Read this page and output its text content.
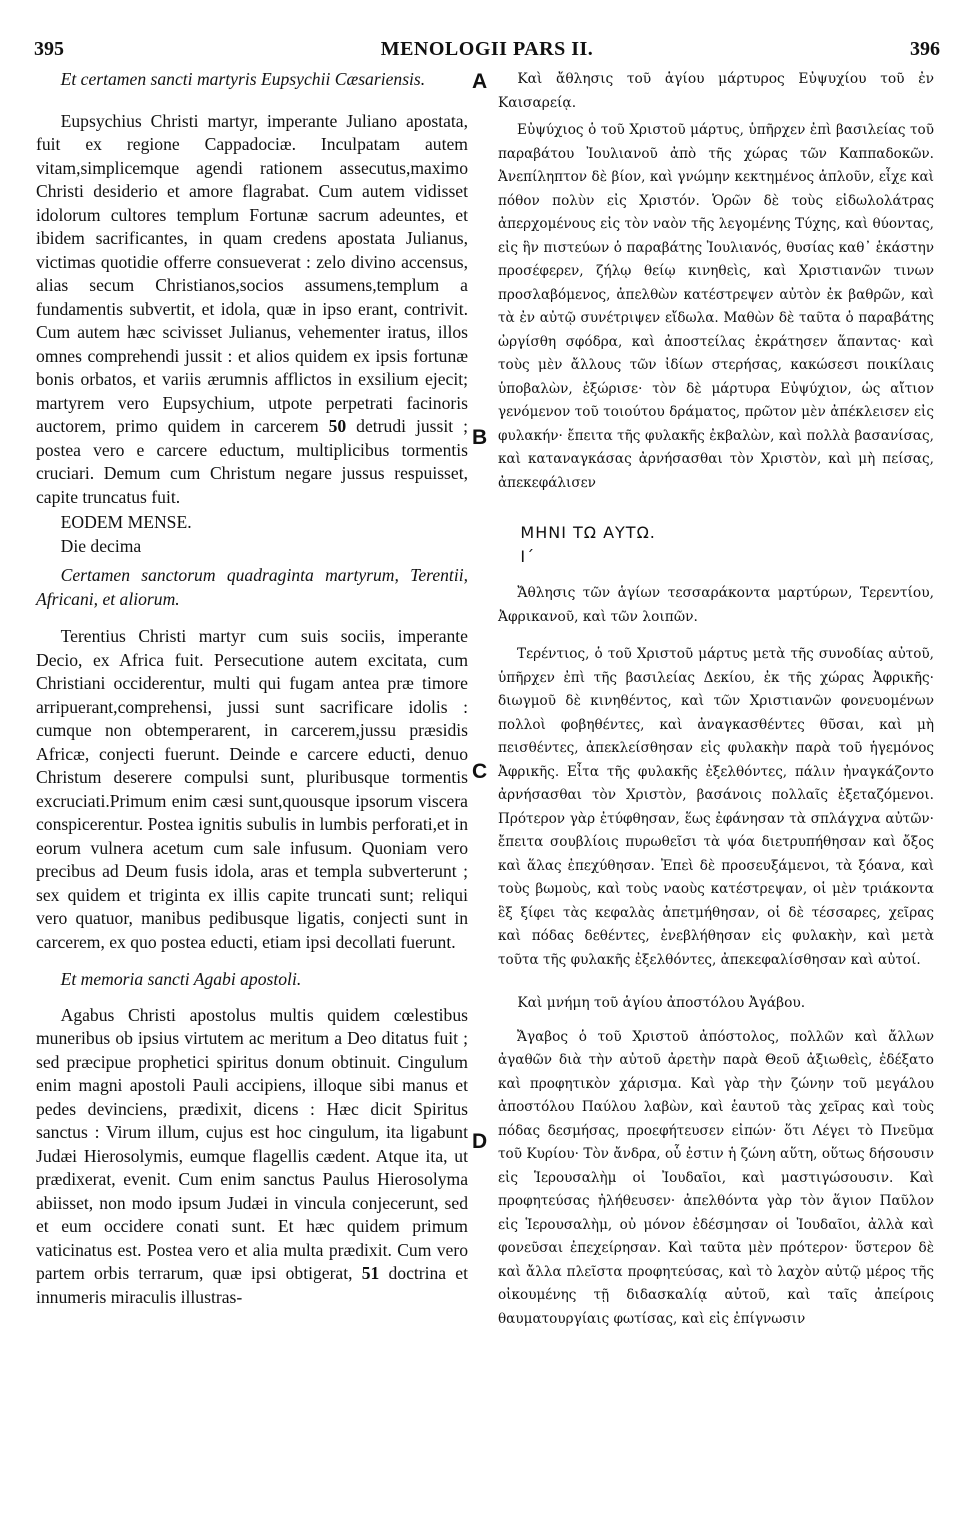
395	MENOLOGII PARS II.	396
A
B
C
D

Et certamen sancti martyris Eupsychii Cæsariensis.

Eupsychius Christi martyr, imperante Juliano apostata, fuit ex regione Cappadociæ. Inculpatam autem vitam,simplicemque agendi rationem assecutus,maximo Christi desiderio et amore flagrabat. Cum autem vidisset idolorum cultores templum Fortunæ sacrum adeuntes, et ibidem sacrificantes, in quam credens apostata Julianus, victimas quotidie offerre consueverat : zelo divino accensus, alias secum Christianos,socios assumens,templum a fundamentis subvertit, et idola, quæ in ipso erant, contrivit. Cum autem hæc scivisset Julianus, vehementer iratus, illos omnes comprehendi jussit : et alios quidem ex ipsis fortunæ bonis orbatos, et variis ærumnis afflictos in exsilium ejecit; martyrem vero Eupsychium, utpote perpetrati facinoris auctorem, primo quidem in carcerem 50 detrudi jussit ; postea vero e carcere eductum, multiplicibus tormentis cruciari. Demum cum Christum negare jussus respuisset, capite truncatus fuit.

EODEM MENSE.

Die decima

Certamen sanctorum quadraginta martyrum, Terentii, Africani, et aliorum.

Terentius Christi martyr cum suis sociis, imperante Decio, ex Africa fuit. Persecutione autem excitata, cum Christiani occiderentur, multi qui fugam antea præ timore arripuerant,comprehensi, jussi sunt sacrificare idolis : cumque non obtemperarent, in carcerem,jussu præsidis Africæ, conjecti fuerunt. Deinde e carcere educti, denuo Christum deserere compulsi sunt, pluribusque tormentis excruciati.Primum enim cæsi sunt,quousque ipsorum viscera conspicerentur. Postea ignitis subulis in lumbis perforati,et in eorum vulnera acetum cum sale infusum. Quoniam vero precibus ad Deum fusis idola, aras et templa subverterunt ; sex quidem et triginta ex illis capite truncati sunt; reliqui vero quatuor, manibus pedibusque ligatis, conjecti sunt in carcerem, ex quo postea educti, etiam ipsi decollati fuerunt.

Et memoria sancti Agabi apostoli.

Agabus Christi apostolus multis quidem cœlestibus muneribus ob ipsius virtutem ac meritum a Deo ditatus fuit ; sed præcipue prophetici spiritus donum obtinuit. Cingulum enim magni apostoli Pauli accipiens, illoque sibi manus et pedes devinciens, prædixit, dicens : Hæc dicit Spiritus sanctus : Virum illum, cujus est hoc cingulum, ita ligabunt Judæi Hierosolymis, eumque flagellis cædent. Atque ita, ut prædixerat, evenit. Cum enim sanctus Paulus Hierosolyma abiisset, non modo ipsum Judæi in vincula conjecerunt, sed et eum occidere conati sunt. Et hæc quidem primum vaticinatus est. Postea vero et alia multa prædixit. Cum vero partem orbis terrarum, quæ ipsi obtigerat, 51 doctrina et innumeris miraculis illustras-

Καὶ ἄθλησις τοῦ ἁγίου μάρτυρος Εὐψυχίου τοῦ ἐν Καισαρείᾳ.

Εὐψύχιος ὁ τοῦ Χριστοῦ μάρτυς, ὑπῆρχεν ἐπὶ βασιλείας τοῦ παραβάτου Ἰουλιανοῦ ἀπὸ τῆς χώρας τῶν Καππαδοκῶν. Ἀνεπίληπτον δὲ βίον, καὶ γνώμην κεκτημένος ἁπλοῦν, εἶχε καὶ πόθον πολὺν εἰς Χριστόν. Ὁρῶν δὲ τοὺς εἰδωλολάτρας ἀπερχομένους εἰς τὸν ναὸν τῆς λεγομένης Τύχης, καὶ θύοντας, εἰς ἣν πιστεύων ὁ παραβάτης Ἰουλιανός, θυσίας καθ᾽ ἑκάστην προσέφερεν, ζήλῳ θείῳ κινηθεὶς, καὶ Χριστιανῶν τινων προσλαβόμενος, ἀπελθὼν κατέστρεψεν αὐτὸν ἐκ βαθρῶν, καὶ τὰ ἐν αὐτῷ συνέτριψεν εἴδωλα. Μαθὼν δὲ ταῦτα ὁ παραβάτης ὠργίσθη σφόδρα, καὶ ἀποστείλας ἐκράτησεν ἅπαντας· καὶ τοὺς μὲν ἄλλους τῶν ἰδίων στερήσας, κακώσεσι ποικίλαις ὑποβαλὼν, ἐξώρισε· τὸν δὲ μάρτυρα Εὐψύχιον, ὡς αἴτιον γενόμενον τοῦ τοιούτου δράματος, πρῶτον μὲν ἀπέκλεισεν εἰς φυλακήν· ἔπειτα τῆς φυλακῆς ἐκβαλὼν, καὶ πολλὰ βασανίσας, καὶ καταναγκάσας ἀρνήσασθαι τὸν Χριστὸν, καὶ μὴ πείσας, ἀπεκεφάλισεν

ΜΗΝΙ ΤΩ ΑΥΤΩ.

Ι΄

Ἄθλησις τῶν ἁγίων τεσσαράκοντα μαρτύρων, Τερεντίου, Ἀφρικανοῦ, καὶ τῶν λοιπῶν.

Τερέντιος, ὁ τοῦ Χριστοῦ μάρτυς μετὰ τῆς συνοδίας αὐτοῦ, ὑπῆρχεν ἐπὶ τῆς βασιλείας Δεκίου, ἐκ τῆς χώρας Ἀφρικῆς· διωγμοῦ δὲ κινηθέντος, καὶ τῶν Χριστιανῶν φονευομένων πολλοὶ φοβηθέντες, καὶ ἀναγκασθέντες θῦσαι, καὶ μὴ πεισθέντες, ἀπεκλείσθησαν εἰς φυλακὴν παρὰ τοῦ ἡγεμόνος Ἀφρικῆς. Εἶτα τῆς φυλακῆς ἐξελθόντες, πάλιν ἠναγκάζοντο ἀρνήσασθαι τὸν Χριστὸν, βασάνοις πολλαῖς ἐξεταζόμενοι. Πρότερον γὰρ ἐτύφθησαν, ἕως ἐφάνησαν τὰ σπλάγχνα αὐτῶν· ἔπειτα σουβλίοις πυρωθεῖσι τὰ ψόα διετρυπήθησαν καὶ ὄξος καὶ ἅλας ἐπεχύθησαν. Ἐπεὶ δὲ προσευξάμενοι, τὰ ξόανα, καὶ τοὺς βωμοὺς, καὶ τοὺς ναοὺς κατέστρεψαν, οἱ μὲν τριάκοντα ἓξ ξίφει τὰς κεφαλὰς ἀπετμήθησαν, οἱ δὲ τέσσαρες, χεῖρας καὶ πόδας δεθέντες, ἐνεβλήθησαν εἰς φυλακὴν, καὶ μετὰ τοῦτα τῆς φυλακῆς ἐξελθόντες, ἀπεκεφαλίσθησαν καὶ αὐτοί.

Καὶ μνήμη τοῦ ἁγίου ἀποστόλου Ἀγάβου.

Ἄγαβος ὁ τοῦ Χριστοῦ ἀπόστολος, πολλῶν καὶ ἄλλων ἀγαθῶν διὰ τὴν αὐτοῦ ἀρετὴν παρὰ Θεοῦ ἀξιωθεὶς, ἐδέξατο καὶ προφητικὸν χάρισμα. Καὶ γὰρ τὴν ζώνην τοῦ μεγάλου ἀποστόλου Παύλου λαβὼν, καὶ ἑαυτοῦ τὰς χεῖρας καὶ τοὺς πόδας δεσμήσας, προεφήτευσεν εἰπών· ὅτι Λέγει τὸ Πνεῦμα τοῦ Κυρίου· Τὸν ἄνδρα, οὗ ἐστιν ἡ ζώνη αὕτη, οὕτως δήσουσιν εἰς Ἱερουσαλὴμ οἱ Ἰουδαῖοι, καὶ μαστιγώσουσιν. Καὶ προφητεύσας ἠλήθευσεν· ἀπελθόντα γὰρ τὸν ἅγιον Παῦλον εἰς Ἱερουσαλὴμ, οὐ μόνον ἐδέσμησαν οἱ Ἰουδαῖοι, ἀλλὰ καὶ φονεῦσαι ἐπεχείρησαν. Καὶ ταῦτα μὲν πρότερον· ὕστερον δὲ καὶ ἄλλα πλεῖστα προφητεύσας, καὶ τὸ λαχὸν αὐτῷ μέρος τῆς οἰκουμένης τῇ διδασκαλίᾳ αὐτοῦ, καὶ ταῖς ἀπείροις θαυματουργίαις φωτίσας, καὶ εἰς ἐπίγνωσιν
